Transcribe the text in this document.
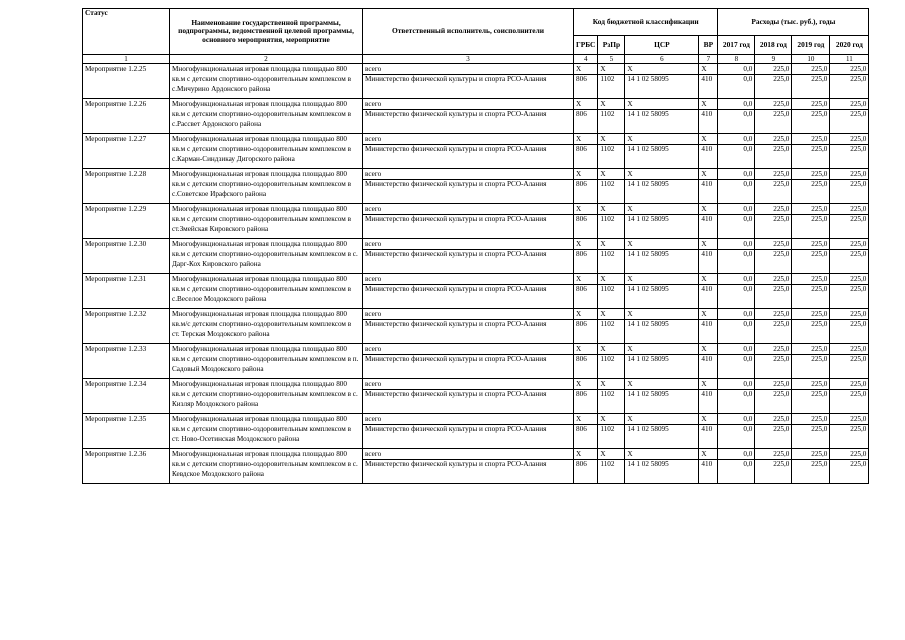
Статус	Наименование государственной программы, подпрограммы, ведомственной целевой программы, основного мероприятия, мероприятие	Ответственный исполнитель, соисполнители	Код бюджетной классификации				Расходы (тыс. руб.), годы			
			ГРБС	РзПр	ЦСР	ВР	2017 год	2018 год	2019 год	2020 год
1	2	3	4	5	6	7	8	9	10	11
Мероприятие 1.2.25	Многофункциональная игровая площадка площадью 800 кв.м с детским спортивно-оздоровительным комплексом в с.Мичурино Ардонского района	всего	X	X	X	X	0,0	225,0	225,0	225,0
		Министерство физической культуры и спорта РСО-Алания	806	1102	14 1 02 58095	410	0,0	225,0	225,0	225,0
Мероприятие 1.2.26	Многофункциональная игровая площадка площадью 800 кв.м с детским спортивно-оздоровительным комплексом в с.Рассвет Ардонского района	всего	X	X	X	X	0,0	225,0	225,0	225,0
		Министерство физической культуры и спорта РСО-Алания	806	1102	14 1 02 58095	410	0,0	225,0	225,0	225,0
Мероприятие 1.2.27	Многофункциональная игровая площадка площадью 800 кв.м с детским спортивно-оздоровительным комплексом в с.Карман-Синдзикау Дигорского района	всего	X	X	X	X	0,0	225,0	225,0	225,0
		Министерство физической культуры и спорта РСО-Алания	806	1102	14 1 02 58095	410	0,0	225,0	225,0	225,0
Мероприятие 1.2.28	Многофункциональная игровая площадка площадью 800 кв.м с детским спортивно-оздоровительным комплексом в с.Советское Ирафского района	всего	X	X	X	X	0,0	225,0	225,0	225,0
		Министерство физической культуры и спорта РСО-Алания	806	1102	14 1 02 58095	410	0,0	225,0	225,0	225,0
Мероприятие 1.2.29	Многофункциональная игровая площадка площадью 800 кв.м с детским спортивно-оздоровительным комплексом в ст.Змейская Кировского района	всего	X	X	X	X	0,0	225,0	225,0	225,0
		Министерство физической культуры и спорта РСО-Алания	806	1102	14 1 02 58095	410	0,0	225,0	225,0	225,0
Мероприятие 1.2.30	Многофункциональная игровая площадка площадью 800 кв.м с детским спортивно-оздоровительным комплексом в с. Дарг-Кох Кировского района	всего	X	X	X	X	0,0	225,0	225,0	225,0
		Министерство физической культуры и спорта РСО-Алания	806	1102	14 1 02 58095	410	0,0	225,0	225,0	225,0
Мероприятие 1.2.31	Многофункциональная игровая площадка площадью 800 кв.м с детским спортивно-оздоровительным комплексом в с.Веселое Моздокского района	всего	X	X	X	X	0,0	225,0	225,0	225,0
		Министерство физической культуры и спорта РСО-Алания	806	1102	14 1 02 58095	410	0,0	225,0	225,0	225,0
Мероприятие 1.2.32	Многофункциональная игровая площадка площадью 800 кв.м/с детским спортивно-оздоровительным комплексом в ст. Терская Моздокского района	всего	X	X	X	X	0,0	225,0	225,0	225,0
		Министерство физической культуры и спорта РСО-Алания	806	1102	14 1 02 58095	410	0,0	225,0	225,0	225,0
Мероприятие 1.2.33	Многофункциональная игровая площадка площадью 800 кв.м с детским спортивно-оздоровительным комплексом в п. Садовый Моздокского района	всего	X	X	X	X	0,0	225,0	225,0	225,0
		Министерство физической культуры и спорта РСО-Алания	806	1102	14 1 02 58095	410	0,0	225,0	225,0	225,0
Мероприятие 1.2.34	Многофункциональная игровая площадка площадью 800 кв.м с детским спортивно-оздоровительным комплексом в с. Кизляр Моздокского района	всего	X	X	X	X	0,0	225,0	225,0	225,0
		Министерство физической культуры и спорта РСО-Алания	806	1102	14 1 02 58095	410	0,0	225,0	225,0	225,0
Мероприятие 1.2.35	Многофункциональная игровая площадка площадью 800 кв.м с детским спортивно-оздоровительным комплексом в ст. Ново-Осетинская Моздокского района	всего	X	X	X	X	0,0	225,0	225,0	225,0
		Министерство физической культуры и спорта РСО-Алания	806	1102	14 1 02 58095	410	0,0	225,0	225,0	225,0
Мероприятие 1.2.36	Многофункциональная игровая площадка площадью 800 кв.м с детским спортивно-оздоровительным комплексом в с. Кевдское Моздокского района	всего	X	X	X	X	0,0	225,0	225,0	225,0
		Министерство физической культуры и спорта РСО-Алания	806	1102	14 1 02 58095	410	0,0	225,0	225,0	225,0
